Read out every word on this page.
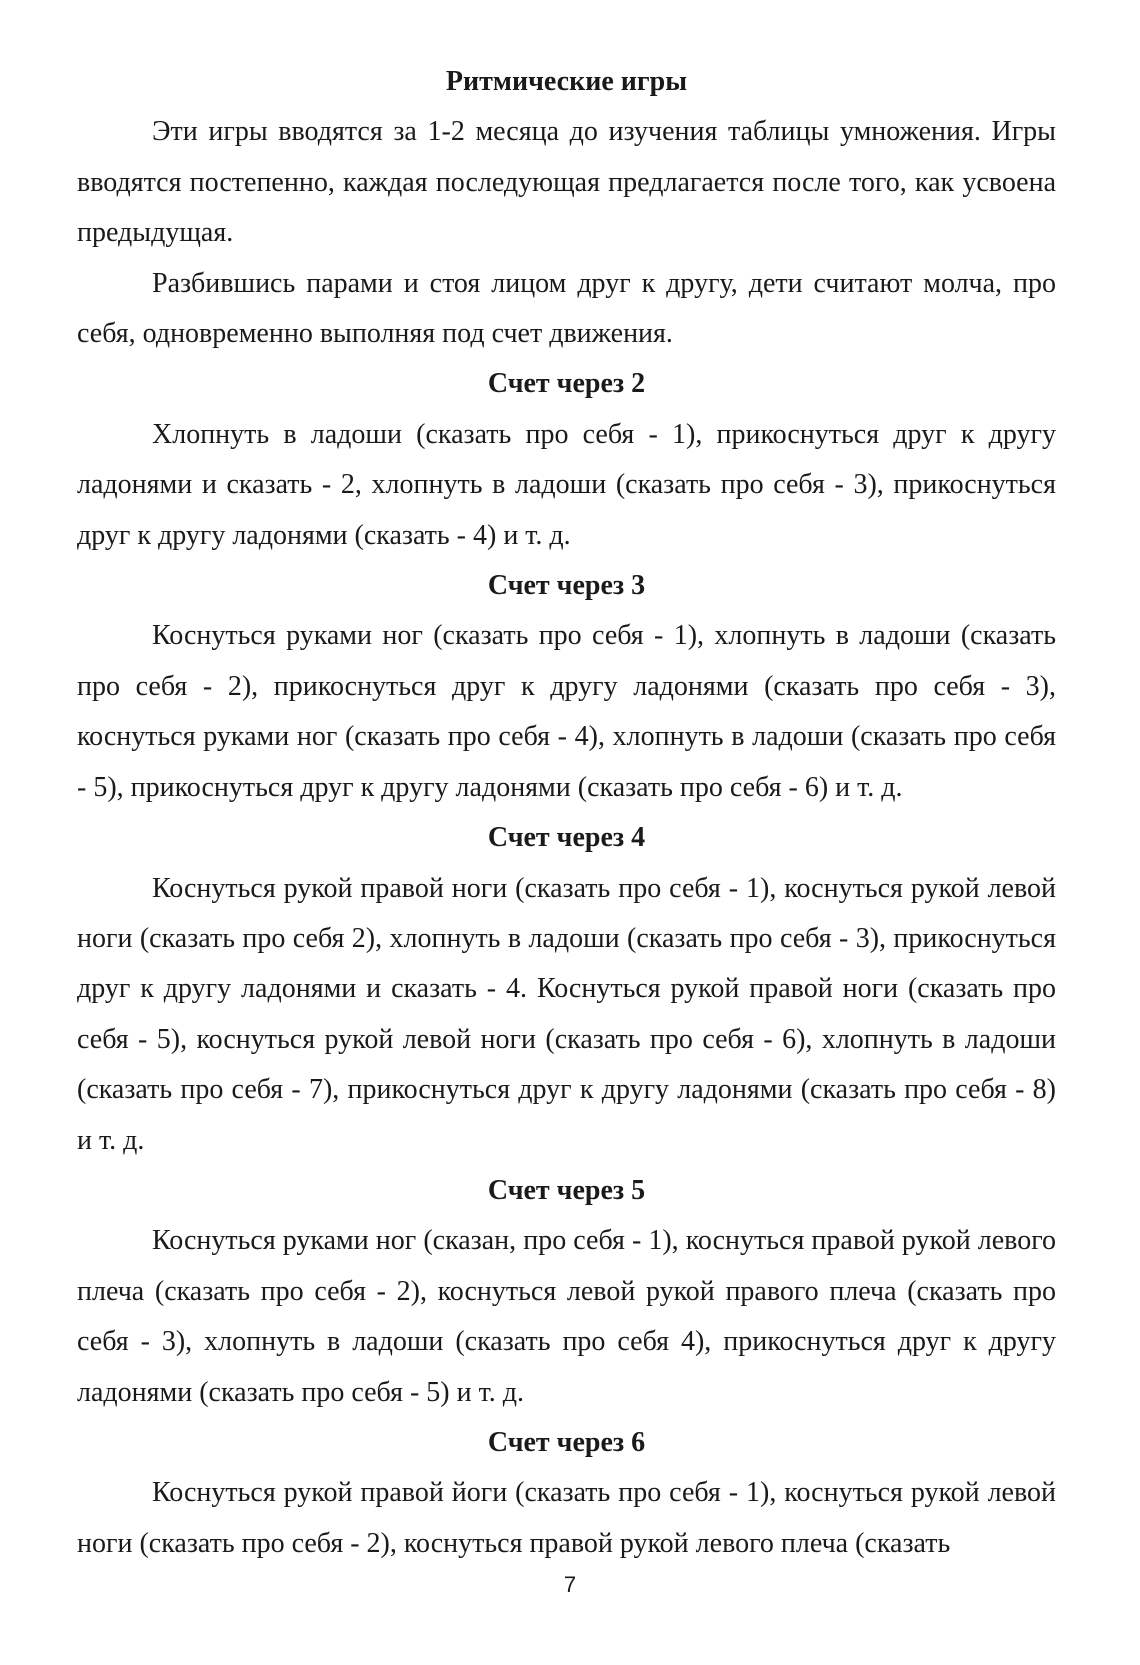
Ритмические игры

Эти игры вводятся за 1-2 месяца до изучения таблицы умножения. Игры вводятся постепенно, каждая последующая предлагается после того, как усвоена предыдущая.

Разбившись парами и стоя лицом друг к другу, дети считают молча, про себя, одновременно выполняя под счет движения.

Счет через 2

Хлопнуть в ладоши (сказать про себя - 1), прикоснуться друг к другу ладонями и сказать - 2, хлопнуть в ладоши (сказать про себя - 3), прикоснуться друг к другу ладонями (сказать - 4) и т. д.

Счет через 3

Коснуться руками ног (сказать про себя - 1), хлопнуть в ладоши (сказать про себя - 2), прикоснуться друг к другу ладонями (сказать про себя - 3), коснуться руками ног (сказать про себя - 4), хлопнуть в ладоши (сказать про себя - 5), прикоснуться друг к другу ладонями (сказать про себя - 6) и т. д.

Счет через 4

Коснуться рукой правой ноги (сказать про себя - 1), коснуться рукой левой ноги (сказать про себя 2), хлопнуть в ладоши (сказать про себя - 3), прикоснуться друг к другу ладонями и сказать - 4. Коснуться рукой правой ноги (сказать про себя - 5), коснуться рукой левой ноги (сказать про себя - 6), хлопнуть в ладоши (сказать про себя - 7), прикоснуться друг к другу ладонями (сказать про себя - 8) и т. д.

Счет через 5

Коснуться руками ног (сказан, про себя - 1), коснуться правой рукой левого плеча (сказать про себя - 2), коснуться левой рукой правого плеча (сказать про себя - 3), хлопнуть в ладоши (сказать про себя 4), прикоснуться друг к другу ладонями (сказать про себя - 5) и т. д.

Счет через 6

Коснуться рукой правой йоги (сказать про себя - 1), коснуться рукой левой ноги (сказать про себя - 2), коснуться правой рукой левого плеча (сказать

7
